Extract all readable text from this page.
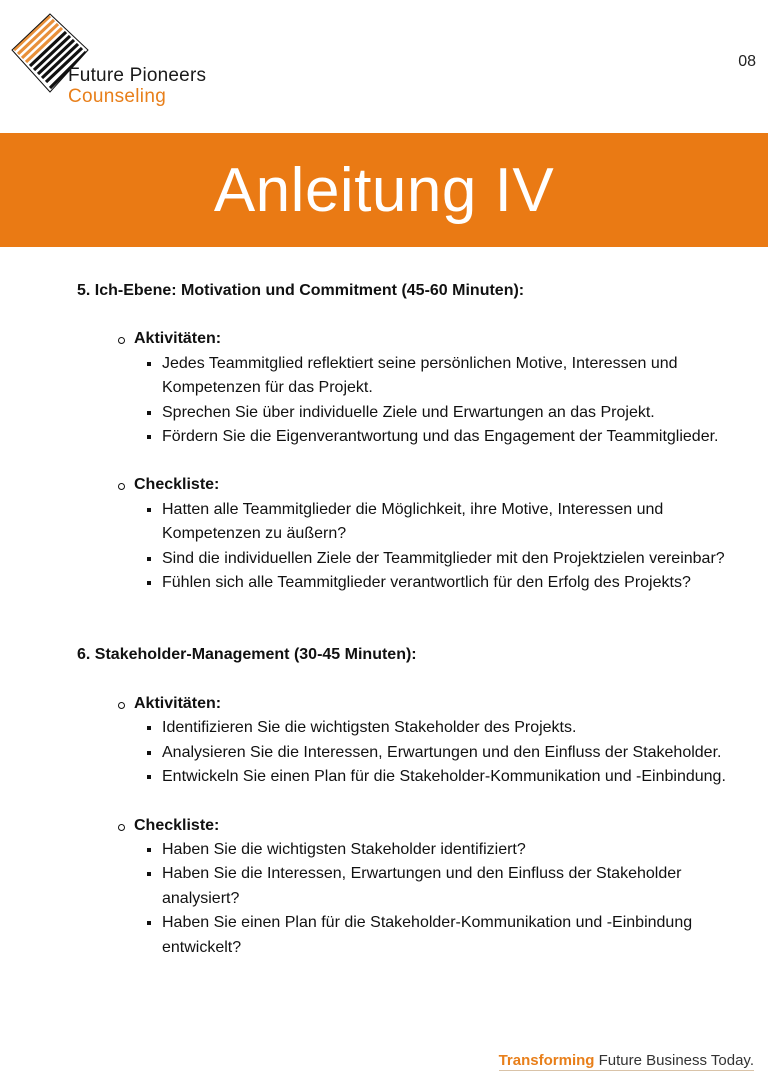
Future Pioneers
Counseling
08
Anleitung IV

5. Ich-Ebene: Motivation und Commitment (45-60 Minuten):

Aktivitäten:
Jedes Teammitglied reflektiert seine persönlichen Motive, Interessen und Kompetenzen für das Projekt.
Sprechen Sie über individuelle Ziele und Erwartungen an das Projekt.
Fördern Sie die Eigenverantwortung und das Engagement der Teammitglieder.
Checkliste:
Hatten alle Teammitglieder die Möglichkeit, ihre Motive, Interessen und Kompetenzen zu äußern?
Sind die individuellen Ziele der Teammitglieder mit den Projektzielen vereinbar?
Fühlen sich alle Teammitglieder verantwortlich für den Erfolg des Projekts?

6. Stakeholder-Management (30-45 Minuten):

Aktivitäten:
Identifizieren Sie die wichtigsten Stakeholder des Projekts.
Analysieren Sie die Interessen, Erwartungen und den Einfluss der Stakeholder.
Entwickeln Sie einen Plan für die Stakeholder-Kommunikation und -Einbindung.
Checkliste:
Haben Sie die wichtigsten Stakeholder identifiziert?
Haben Sie die Interessen, Erwartungen und den Einfluss der Stakeholder analysiert?
Haben Sie einen Plan für die Stakeholder-Kommunikation und -Einbindung entwickelt?
Transforming Future Business Today.
